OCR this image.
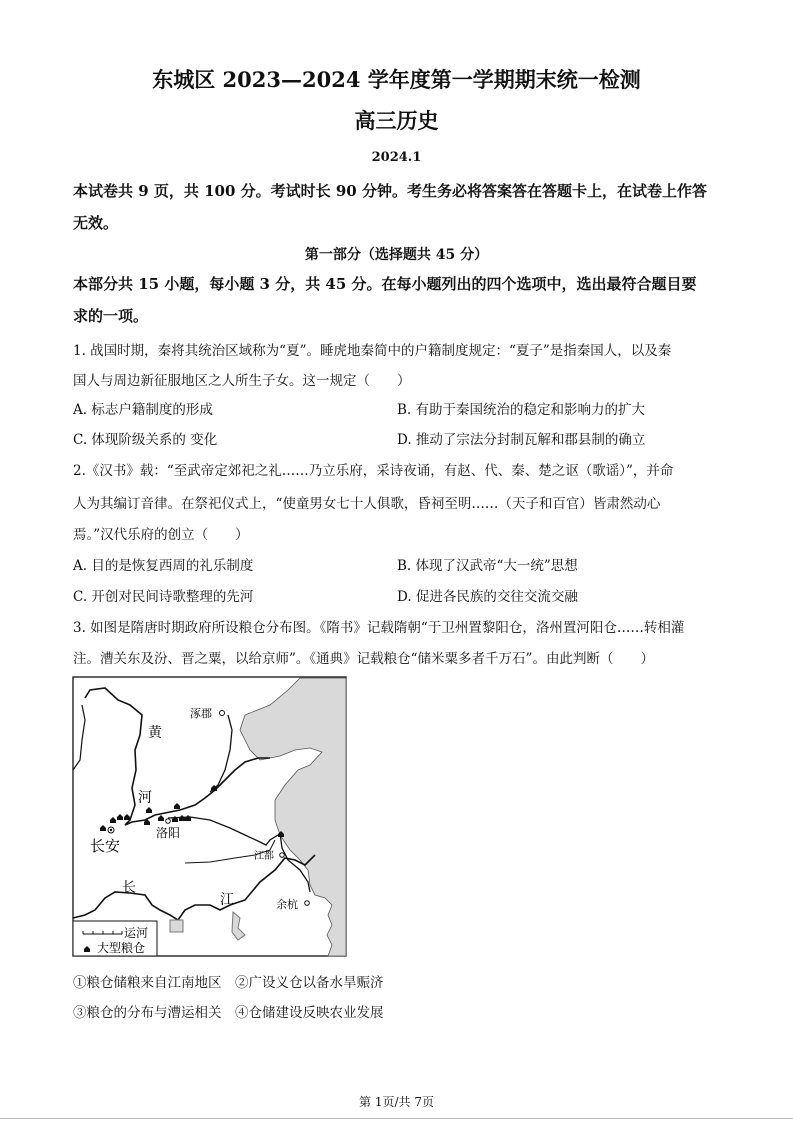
东城区 2023—2024 学年度第一学期期末统一检测
高三历史
2024.1
本试卷共 9 页，共 100 分。考试时长 90 分钟。考生务必将答案答在答题卡上，在试卷上作答
无效。
第一部分（选择题共 45 分）
本部分共 15 小题，每小题 3 分，共 45 分。在每小题列出的四个选项中，选出最符合题目要
求的一项。
1. 战国时期，秦将其统治区域称为“夏”。睡虎地秦简中的户籍制度规定：“夏子”是指秦国人，以及秦
国人与周边新征服地区之人所生子女。这一规定（　　）
A. 标志户籍制度的形成	B. 有助于秦国统治的稳定和影响力的扩大
C. 体现阶级关系的 变化	D. 推动了宗法分封制瓦解和郡县制的确立
2.《汉书》载：“至武帝定郊祀之礼……乃立乐府，采诗夜诵，有赵、代、秦、楚之讴（歌谣）”，并命
人为其编订音律。在祭祀仪式上，“使童男女七十人俱歌，昏祠至明……（天子和百官）皆肃然动心
焉。”汉代乐府的创立（　　）
A. 目的是恢复西周的礼乐制度	B. 体现了汉武帝“大一统”思想
C. 开创对民间诗歌整理的先河	D. 促进各民族的交往交流交融
3. 如图是隋唐时期政府所设粮仓分布图。《隋书》记载隋朝“于卫州置黎阳仓，洛州置河阳仓……转相灌
注。漕关东及汾、晋之粟，以给京师”。《通典》记载粮仓“储米粟多者千万石”。由此判断（　　）
涿郡
黄
河
长安
洛阳
江都
长
江	余杭
运河
大型粮仓
①粮仓储粮来自江南地区　②广设义仓以备水旱赈济
③粮仓的分布与漕运相关　④仓储建设反映农业发展
第 1页/共 7页
